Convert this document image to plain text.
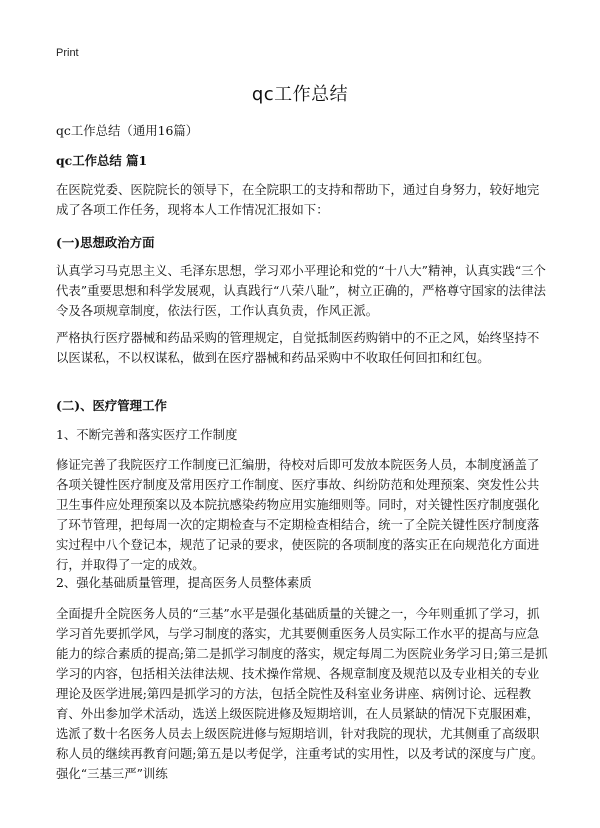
Print
qc工作总结
qc工作总结（通用16篇）
qc工作总结 篇1
在医院党委、医院院长的领导下，在全院职工的支持和帮助下，通过自身努力，较好地完成了各项工作任务，现将本人工作情况汇报如下：
(一)思想政治方面
认真学习马克思主义、毛泽东思想，学习邓小平理论和党的“十八大”精神，认真实践“三个代表”重要思想和科学发展观，认真践行“八荣八耻”，树立正确的，严格尊守国家的法律法令及各项规章制度，依法行医，工作认真负责，作风正派。
严格执行医疗器械和药品采购的管理规定，自觉抵制医药购销中的不正之风，始终坚持不以医谋私，不以权谋私，做到在医疗器械和药品采购中不收取任何回扣和红包。
(二)、医疗管理工作
1、不断完善和落实医疗工作制度
修证完善了我院医疗工作制度已汇编册，待校对后即可发放本院医务人员，本制度涵盖了各项关键性医疗制度及常用医疗工作制度、医疗事故、纠纷防范和处理预案、突发性公共卫生事件应处理预案以及本院抗感染药物应用实施细则等。同时，对关键性医疗制度强化了环节管理，把每周一次的定期检查与不定期检查相结合，统一了全院关键性医疗制度落实过程中八个登记本，规范了记录的要求，使医院的各项制度的落实正在向规范化方面进行，并取得了一定的成效。
2、强化基础质量管理，提高医务人员整体素质
全面提升全院医务人员的“三基”水平是强化基础质量的关键之一，今年则重抓了学习，抓学习首先要抓学风，与学习制度的落实，尤其要侧重医务人员实际工作水平的提高与应急能力的综合素质的提高;第二是抓学习制度的落实，规定每周二为医院业务学习日;第三是抓学习的内容，包括相关法律法规、技术操作常规、各规章制度及规范以及专业相关的专业理论及医学进展;第四是抓学习的方法，包括全院性及科室业务讲座、病例讨论、远程教育、外出参加学术活动，选送上级医院进修及短期培训，在人员紧缺的情况下克服困难，选派了数十名医务人员去上级医院进修与短期培训，针对我院的现状，尤其侧重了高级职称人员的继续再教育问题;第五是以考促学，注重考试的实用性，以及考试的深度与广度。强化“三基三严”训练
